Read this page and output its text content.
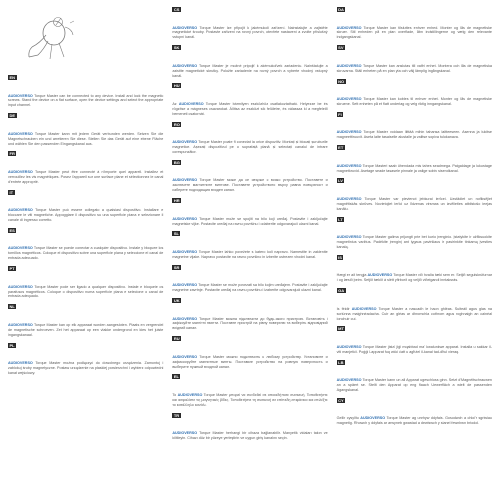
EN

AUDIOVERSO Torque Master can be connected to any device. Install and lock the magnetic screws. Stand the device on a flat surface, open the device settings and select the appropriate input channel.

DE

AUDIOVERSO Torque Master kann mit jedem Gerät verbunden werden. Setzen Sie die Magnetschrauben ein und arretieren Sie diese. Stellen Sie das Gerät auf eine ebene Fläche und wählen Sie den passenden Eingangskanal aus.

FR

AUDIOVERSO Torque Master peut être connecté à n'importe quel appareil. Installez et verrouillez les vis magnétiques. Posez l'appareil sur une surface plane et sélectionnez le canal d'entrée approprié.

IT

AUDIOVERSO Torque Master può essere collegato a qualsiasi dispositivo. Installare e bloccare le viti magnetiche. Appoggiare il dispositivo su una superficie piana e selezionare il canale di ingresso corretto.

ES

AUDIOVERSO Torque Master se puede conectar a cualquier dispositivo. Instale y bloquee los tornillos magnéticos. Coloque el dispositivo sobre una superficie plana y seleccione el canal de entrada adecuado.

PT

AUDIOVERSO Torque Master pode ser ligado a qualquer dispositivo. Instale e bloqueie os parafusos magnéticos. Coloque o dispositivo numa superfície plana e selecione o canal de entrada adequado.

NL

AUDIOVERSO Torque Master kan op elk apparaat worden aangesloten. Plaats en vergrendel de magnetische schroeven. Zet het apparaat op een vlakke ondergrond en kies het juiste ingangskanaal.

PL

AUDIOVERSO Torque Master można podłączyć do dowolnego urządzenia. Zamontuj i zablokuj śruby magnetyczne. Postaw urządzenie na płaskiej powierzchni i wybierz odpowiedni kanał wejściowy.

CS

AUDIOVERSO Torque Master lze připojit k jakémukoli zařízení. Nainstalujte a zajistěte magnetické šrouby. Postavte zařízení na rovný povrch, otevřete nastavení a zvolte příslušný vstupní kanál.

SK

AUDIOVERSO Torque Master je možné pripojiť k akémukoľvek zariadeniu. Nainštalujte a zaistite magnetické skrutky. Položte zariadenie na rovný povrch a vyberte vhodný vstupný kanál.

HU

Az AUDIOVERSO Torque Master bármilyen eszközhöz csatlakoztatható. Helyezze be és rögzítse a mágneses csavarokat. Állítsa az eszközt sík felületre, és válassza ki a megfelelő bemeneti csatornát.

RO

AUDIOVERSO Torque Master poate fi conectat la orice dispozitiv. Montați și blocați șuruburile magnetice. Așezați dispozitivul pe o suprafață plană și selectați canalul de intrare corespunzător.

BG

AUDIOVERSO Torque Master може да се свърже с всяко устройство. Поставете и заключете магнитните винтове. Поставете устройството върху равна повърхност и изберете подходящия входен канал.

HR

AUDIOVERSO Torque Master može se spojiti na bilo koji uređaj. Postavite i zaključajte magnetske vijke. Postavite uređaj na ravnu površinu i odaberite odgovarajući ulazni kanal.

SL

AUDIOVERSO Torque Master lahko povežete s katero koli napravo. Namestite in zaklenite magnetne vijake. Napravo postavite na ravno površino in izberite ustrezen vhodni kanal.

SR

AUDIOVERSO Torque Master se može povezati sa bilo kojim uređajem. Postavite i zaključajte magnetne zavrtnje. Postavite uređaj na ravnu površinu i izaberite odgovarajući ulazni kanal.

UK

AUDIOVERSO Torque Master можна підключити до будь-якого пристрою. Встановіть і зафіксуйте магнітні гвинти. Поставте пристрій на рівну поверхню та виберіть відповідний вхідний канал.

RU

AUDIOVERSO Torque Master можно подключить к любому устройству. Установите и зафиксируйте магнитные винты. Поставьте устройство на ровную поверхность и выберите нужный входной канал.

EL

Το AUDIOVERSO Torque Master μπορεί να συνδεθεί σε οποιαδήποτε συσκευή. Τοποθετήστε και ασφαλίστε τις μαγνητικές βίδες. Τοποθετήστε τη συσκευή σε επίπεδη επιφάνεια και επιλέξτε το κατάλληλο κανάλι.

TR

AUDIOVERSO Torque Master herhangi bir cihaza bağlanabilir. Manyetik vidaları takın ve kilitleyin. Cihazı düz bir yüzeye yerleştirin ve uygun giriş kanalını seçin.

DA

AUDIOVERSO Torque Master kan tilsluttes enhver enhed. Monter og lås de magnetiske skruer. Stil enheden på en plan overflade, åbn indstillingerne og vælg den relevante indgangskanal.

SV

AUDIOVERSO Torque Master kan anslutas till valfri enhet. Montera och lås de magnetiska skruvarna. Ställ enheten på en plan yta och välj lämplig ingångskanal.

NO

AUDIOVERSO Torque Master kan kobles til enhver enhet. Monter og lås de magnetiske skruene. Sett enheten på et flatt underlag og velg riktig inngangskanal.

FI

AUDIOVERSO Torque Master voidaan liittää mihin tahansa laitteeseen. Asenna ja lukitse magneettiruuvit. Aseta laite tasaiselle alustalle ja valitse sopiva tulokanava.

ET

AUDIOVERSO Torque Masteri saab ühendada mis tahes seadmega. Paigaldage ja lukustage magnetkruvid. Asetage seade tasasele pinnale ja valige sobiv sisendkanal.

LV

AUDIOVERSO Torque Master var pievienot jebkurai ierīcei. Uzstādiet un nofiksējiet magnētiskās skrūves. Novietojiet ierīci uz līdzenas virsmas un izvēlieties atbilstošo ieejas kanālu.

LT

AUDIOVERSO Torque Master galima prijungti prie bet kurio įrenginio. Įstatykite ir užfiksuokite magnetinius varžtus. Padėkite įrenginį ant lygaus paviršiaus ir pasirinkite tinkamą įvesties kanalą.

IS

Hægt er að tengja AUDIOVERSO Torque Master við hvaða tæki sem er. Setjið segulskrúfurnar í og læsið þeim. Setjið tækið á slétt yfirborð og veljið viðeigandi inntaksrás.

GA

Is féidir AUDIOVERSO Torque Master a nascadh le haon ghléas. Suiteáil agus glas na scriúnna maighnéadacha. Cuir an gléas ar dhromchla cothrom agus roghnaigh an cainéal ionchuir cuí.

MT

AUDIOVERSO Torque Master jista' jiġi mqabbad ma' kwalunkwe apparat. Installa u sakkar il-viti manjetiċi. Poġġi l-apparat fuq wiċċ ċatt u agħżel il-kanal tad-dħul xieraq.

LB

AUDIOVERSO Torque Master kann un all Apparat ugeschloss ginn. Setzt d'Magnéitschrauwen an a späert se. Stellt den Apparat op eng flaach Uewerfläch a wielt de passenden Agangskanal.

CY

Gellir cysylltu AUDIOVERSO Torque Master ag unrhyw ddyfais. Gosodwch a chloi'r sgriwiau magnetig. Rhowch y ddyfais ar arwyneb gwastad a dewiswch y sianel fewnbwn briodol.
